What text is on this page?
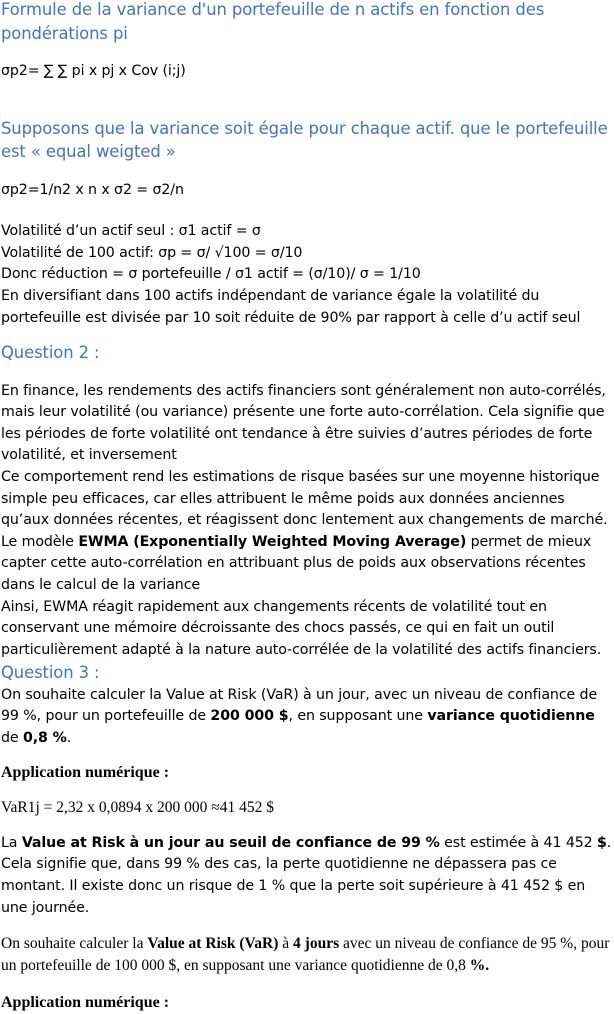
Formule de la variance d'un portefeuille de n actifs en fonction des pondérations pi

σp2= ∑ ∑ pi x pj x Cov (i;j)

Supposons que la variance soit égale pour chaque actif. que le portefeuille est « equal weigted »

σp2=1/n2 x n x σ2 = σ2/n

Volatilité d’un actif seul : σ1 actif = σ

Volatilité de 100 actif: σp = σ/ √100 = σ/10

Donc réduction = σ portefeuille / σ1 actif = (σ/10)/ σ = 1/10

En diversifiant dans 100 actifs indépendant de variance égale la volatilité du portefeuille est divisée par 10 soit réduite de 90% par rapport à celle d’u actif seul

Question 2 :

En finance, les rendements des actifs financiers sont généralement non auto-corrélés, mais leur volatilité (ou variance) présente une forte auto-corrélation. Cela signifie que les périodes de forte volatilité ont tendance à être suivies d’autres périodes de forte volatilité, et inversement

Ce comportement rend les estimations de risque basées sur une moyenne historique simple peu efficaces, car elles attribuent le même poids aux données anciennes qu’aux données récentes, et réagissent donc lentement aux changements de marché.

Le modèle EWMA (Exponentially Weighted Moving Average) permet de mieux capter cette auto-corrélation en attribuant plus de poids aux observations récentes dans le calcul de la variance

Ainsi, EWMA réagit rapidement aux changements récents de volatilité tout en conservant une mémoire décroissante des chocs passés, ce qui en fait un outil particulièrement adapté à la nature auto-corrélée de la volatilité des actifs financiers.

Question 3 :

On souhaite calculer la Value at Risk (VaR) à un jour, avec un niveau de confiance de 99 %, pour un portefeuille de 200 000 $, en supposant une variance quotidienne de 0,8 %.

Application numérique :

VaR1j = 2,32 x 0,0894 x 200 000 ≈41 452 $

La Value at Risk à un jour au seuil de confiance de 99 % est estimée à 41 452 $. Cela signifie que, dans 99 % des cas, la perte quotidienne ne dépassera pas ce montant. Il existe donc un risque de 1 % que la perte soit supérieure à 41 452 $ en une journée.

On souhaite calculer la Value at Risk (VaR) à 4 jours avec un niveau de confiance de 95 %, pour un portefeuille de 100 000 $, en supposant une variance quotidienne de 0,8 %.

Application numérique :
